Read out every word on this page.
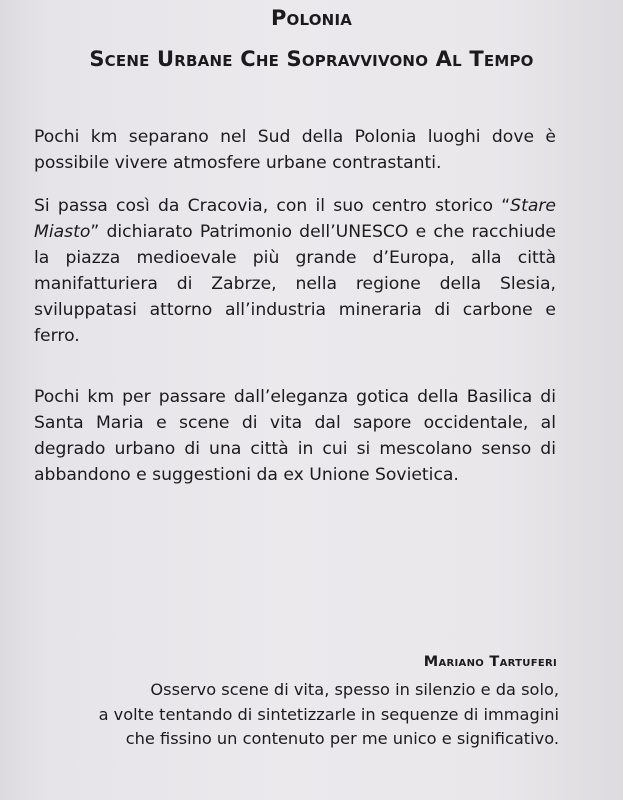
Polonia
Scene Urbane Che Sopravvivono Al Tempo

Pochi km separano nel Sud della Polonia luoghi dove è possibile vivere atmosfere urbane contrastanti.

Si passa così da Cracovia, con il suo centro storico “Stare Miasto” dichiarato Patrimonio dell’UNESCO e che racchiude la piazza medioevale più grande d’Europa, alla città manifatturiera di Zabrze, nella regione della Slesia, sviluppatasi attorno all’industria mineraria di carbone e ferro.

Pochi km per passare dall’eleganza gotica della Basilica di Santa Maria e scene di vita dal sapore occidentale, al degrado urbano di una città in cui si mescolano senso di abbandono e suggestioni da ex Unione Sovietica.

Mariano Tartuferi

Osservo scene di vita, spesso in silenzio e da solo,
a volte tentando di sintetizzarle in sequenze di immagini
che fissino un contenuto per me unico e significativo.
